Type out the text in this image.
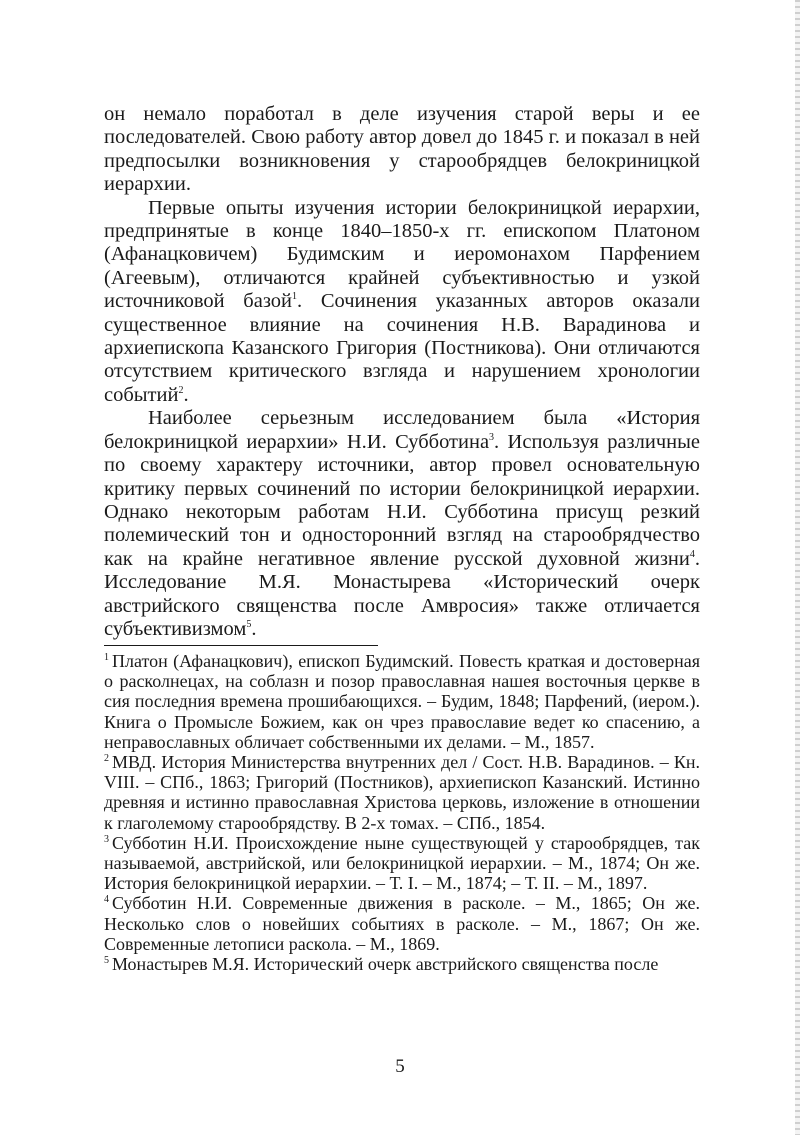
он немало поработал в деле изучения старой веры и ее последователей. Свою работу автор довел до 1845 г. и показал в ней предпосылки возникновения у старообрядцев белокриницкой иерархии.

Первые опыты изучения истории белокриницкой иерархии, предпринятые в конце 1840–1850-х гг. епископом Платоном (Афанацковичем) Будимским и иеромонахом Парфением (Агеевым), отличаются крайней субъективностью и узкой источниковой базой$^1$. Сочинения указанных авторов оказали существенное влияние на сочинения Н.В. Варадинова и архиепископа Казанского Григория (Постникова). Они отличаются отсутствием критического взгляда и нарушением хронологии событий$^2$.

Наиболее серьезным исследованием была «История белокриницкой иерархии» Н.И. Субботина$^3$. Используя различные по своему характеру источники, автор провел основательную критику первых сочинений по истории белокриницкой иерархии. Однако некоторым работам Н.И. Субботина присущ резкий полемический тон и односторонний взгляд на старообрядчество как на крайне негативное явление русской духовной жизни$^4$. Исследование М.Я. Монастырева «Исторический очерк австрийского священства после Амвросия» также отличается субъективизмом$^5$.

$^1$ Платон (Афанацкович), епископ Будимский. Повесть краткая и достоверная о расколнецах, на соблазн и позор православная нашея восточныя церкве в сия последния времена прошибающихся. – Будим, 1848; Парфений, (иером.). Книга о Промысле Божием, как он чрез православие ведет ко спасению, а неправославных обличает собственными их делами. – М., 1857.

$^2$ МВД. История Министерства внутренних дел / Сост. Н.В. Варадинов. – Кн. VIII. – СПб., 1863; Григорий (Постников), архиепископ Казанский. Истинно древняя и истинно православная Христова церковь, изложение в отношении к глаголемому старообрядству. В 2-х томах. – СПб., 1854.

$^3$ Субботин Н.И. Происхождение ныне существующей у старообрядцев, так называемой, австрийской, или белокриницкой иерархии. – М., 1874; Он же. История белокриницкой иерархии. – Т. I. – М., 1874; – Т. II. – М., 1897.

$^4$ Субботин Н.И. Современные движения в расколе. – М., 1865; Он же. Несколько слов о новейших событиях в расколе. – М., 1867; Он же. Современные летописи раскола. – М., 1869.

$^5$ Монастырев М.Я. Исторический очерк австрийского священства после

5
